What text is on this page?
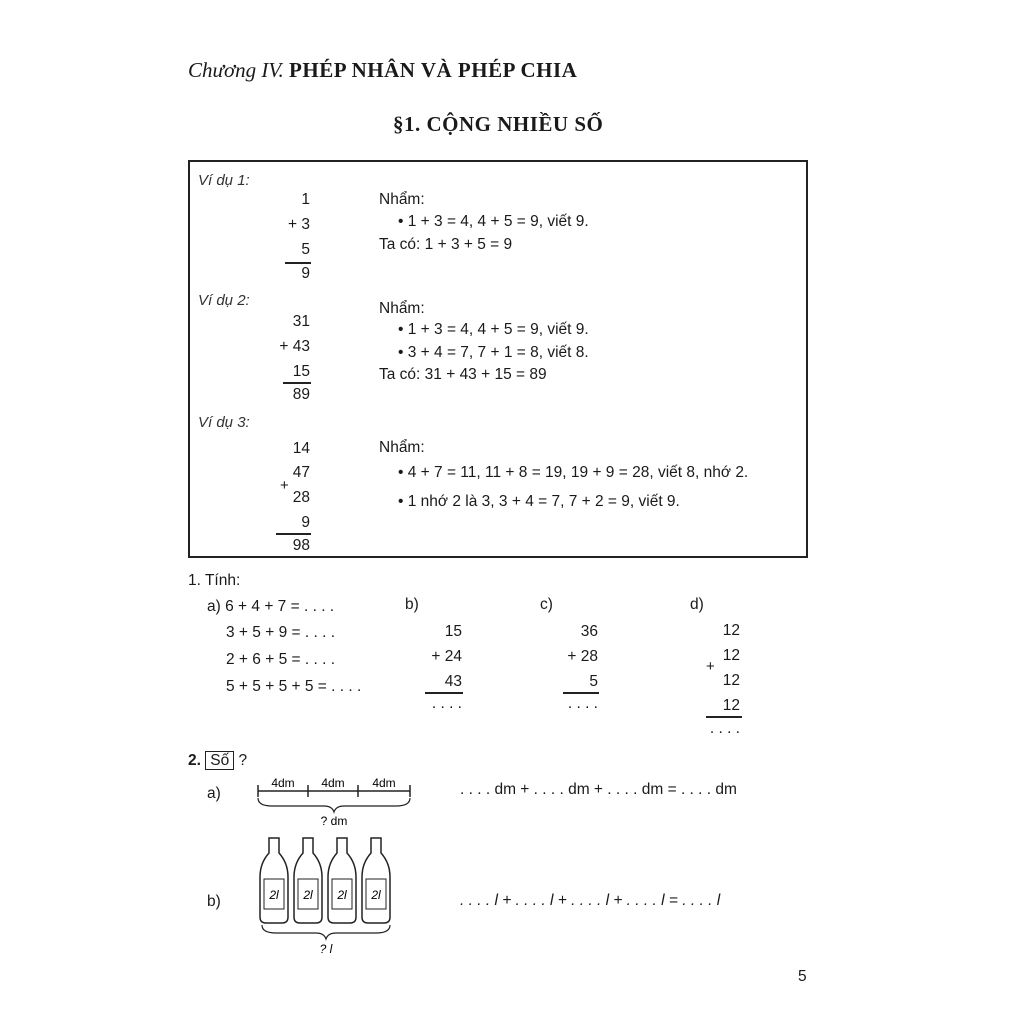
Chương IV. PHÉP NHÂN VÀ PHÉP CHIA
§1. CỘNG NHIỀU SỐ
Ví dụ 1:
1
+ 3
5
9
Nhẩm:
• 1 + 3 = 4, 4 + 5 = 9, viết 9.
Ta có: 1 + 3 + 5 = 9
Ví dụ 2:
31
+ 43
15
89
Nhẩm:
• 1 + 3 = 4, 4 + 5 = 9, viết 9.
• 3 + 4 = 7, 7 + 1 = 8, viết 8.
Ta có: 31 + 43 + 15 = 89
Ví dụ 3:
14
47
+
28
9
98
Nhẩm:
• 4 + 7 = 11, 11 + 8 = 19, 19 + 9 = 28, viết 8, nhớ 2.
• 1 nhớ 2 là 3, 3 + 4 = 7, 7 + 2 = 9, viết 9.
1. Tính:
a) 6 + 4 + 7 = . . . .
3 + 5 + 9 = . . . .
2 + 6 + 5 = . . . .
5 + 5 + 5 + 5 = . . . .
b)
15
+ 24
43
. . . .
c)
36
+ 28
5
. . . .
d)
12
12
+
12
12
. . . .
2. Số ?
a)
4dm 4dm 4dm
? dm
. . . . dm + . . . . dm + . . . . dm = . . . . dm
b)	2l 2l 2l 2l
? l
. . . . l + . . . . l + . . . . l + . . . . l = . . . . l
5
